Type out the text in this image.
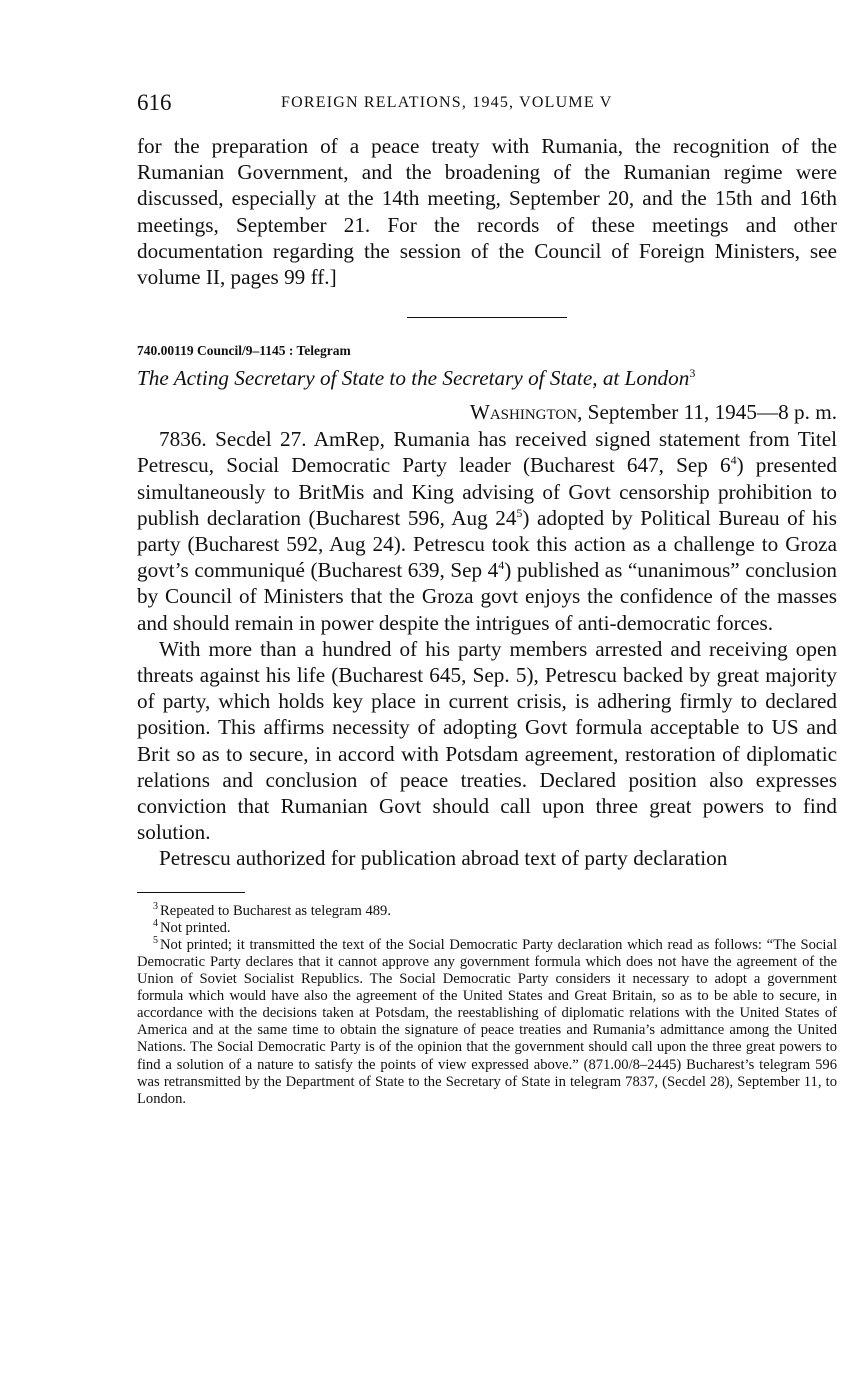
616	FOREIGN RELATIONS, 1945, VOLUME V

for the preparation of a peace treaty with Rumania, the recognition of the Rumanian Government, and the broadening of the Rumanian regime were discussed, especially at the 14th meeting, September 20, and the 15th and 16th meetings, September 21. For the records of these meetings and other documentation regarding the session of the Council of Foreign Ministers, see volume II, pages 99 ff.]

740.00119 Council/9–1145 : Telegram
The Acting Secretary of State to the Secretary of State, at London$^3$
Washington, September 11, 1945—8 p. m.

7836. Secdel 27. AmRep, Rumania has received signed statement from Titel Petrescu, Social Democratic Party leader (Bucharest 647, Sep $6^4$) presented simultaneously to BritMis and King advising of Govt censorship prohibition to publish declaration (Bucharest 596, Aug $24^5$) adopted by Political Bureau of his party (Bucharest 592, Aug 24). Petrescu took this action as a challenge to Groza govt’s communiqué (Bucharest 639, Sep $4^4$) published as “unanimous” conclusion by Council of Ministers that the Groza govt enjoys the confidence of the masses and should remain in power despite the intrigues of anti-democratic forces.

With more than a hundred of his party members arrested and receiving open threats against his life (Bucharest 645, Sep. 5), Petrescu backed by great majority of party, which holds key place in current crisis, is adhering firmly to declared position. This affirms necessity of adopting Govt formula acceptable to US and Brit so as to secure, in accord with Potsdam agreement, restoration of diplomatic relations and conclusion of peace treaties. Declared position also expresses conviction that Rumanian Govt should call upon three great powers to find solution.

Petrescu authorized for publication abroad text of party declaration

$^3$ Repeated to Bucharest as telegram 489.

$^4$ Not printed.

$^5$ Not printed; it transmitted the text of the Social Democratic Party declaration which read as follows: “The Social Democratic Party declares that it cannot approve any government formula which does not have the agreement of the Union of Soviet Socialist Republics. The Social Democratic Party considers it necessary to adopt a government formula which would have also the agreement of the United States and Great Britain, so as to be able to secure, in accordance with the decisions taken at Potsdam, the reestablishing of diplomatic relations with the United States of America and at the same time to obtain the signature of peace treaties and Rumania’s admittance among the United Nations. The Social Democratic Party is of the opinion that the government should call upon the three great powers to find a solution of a nature to satisfy the points of view expressed above.” (871.00/8–2445) Bucharest’s telegram 596 was retransmitted by the Department of State to the Secretary of State in telegram 7837, (Secdel 28), September 11, to London.
